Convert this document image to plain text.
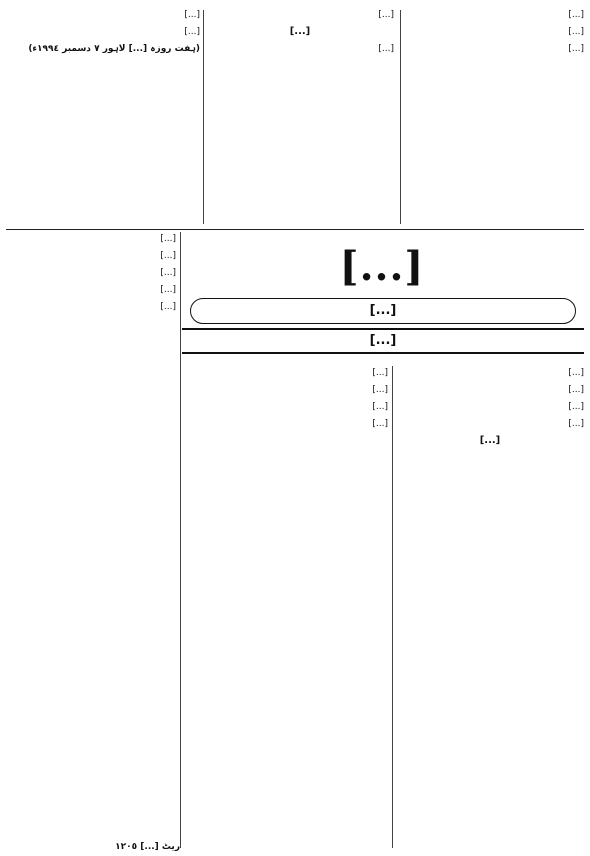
[...]

[...]

[...]

[...]

[...]

[...]

[...]

[...]

(ہفت روزہ [...] لاہور ٧ دسمبر ١٩٩٤ء)

[...]

[...]

[...]

[...]

[...]

[...]
[...]
[...]

[...]

[...]

[...]

[...]

[...]

[...]

[...]

[...]

[...]

ریٹ [...] ١٢٠٥
